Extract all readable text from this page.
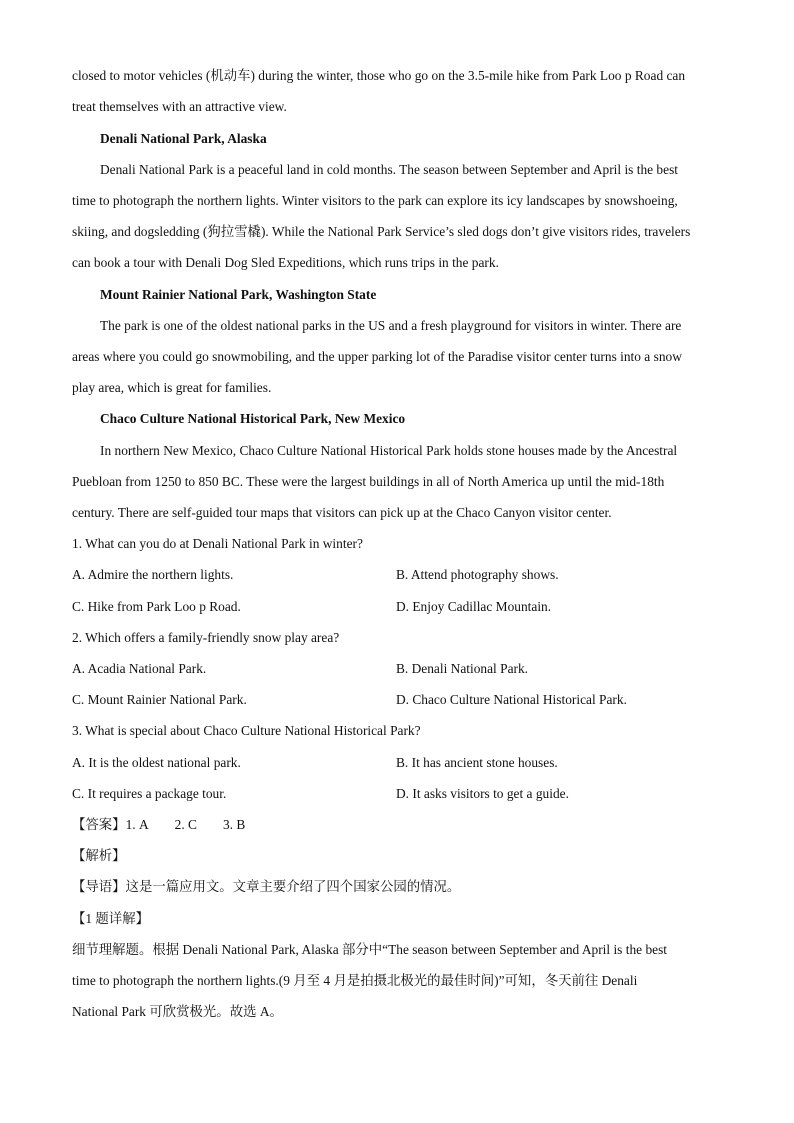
closed to motor vehicles (机动车) during the winter, those who go on the 3.5-mile hike from Park Loo p Road can
treat themselves with an attractive view.
Denali National Park, Alaska
Denali National Park is a peaceful land in cold months. The season between September and April is the best
time to photograph the northern lights. Winter visitors to the park can explore its icy landscapes by snowshoeing,
skiing, and dogsledding (狗拉雪橇). While the National Park Service’s sled dogs don’t give visitors rides, travelers
can book a tour with Denali Dog Sled Expeditions, which runs trips in the park.
Mount Rainier National Park, Washington State
The park is one of the oldest national parks in the US and a fresh playground for visitors in winter. There are
areas where you could go snowmobiling, and the upper parking lot of the Paradise visitor center turns into a snow
play area, which is great for families.
Chaco Culture National Historical Park, New Mexico
In northern New Mexico, Chaco Culture National Historical Park holds stone houses made by the Ancestral
Puebloan from 1250 to 850 BC. These were the largest buildings in all of North America up until the mid-18th
century. There are self-guided tour maps that visitors can pick up at the Chaco Canyon visitor center.
1. What can you do at Denali National Park in winter?
A. Admire the northern lights.	B. Attend photography shows.
C. Hike from Park Loo p Road.	D. Enjoy Cadillac Mountain.
2. Which offers a family-friendly snow play area?
A. Acadia National Park.	B. Denali National Park.
C. Mount Rainier National Park.	D. Chaco Culture National Historical Park.
3. What is special about Chaco Culture National Historical Park?
A. It is the oldest national park.	B. It has ancient stone houses.
C. It requires a package tour.	D. It asks visitors to get a guide.
【答案】1. A 2. C 3. B
【解析】
【导语】这是一篇应用文。文章主要介绍了四个国家公园的情况。
【1 题详解】
细节理解题。根据 Denali National Park, Alaska 部分中“The season between September and April is the best
time to photograph the northern lights.(9 月至 4 月是拍摄北极光的最佳时间)”可知，冬天前往 Denali
National Park 可欣赏极光。故选 A。
